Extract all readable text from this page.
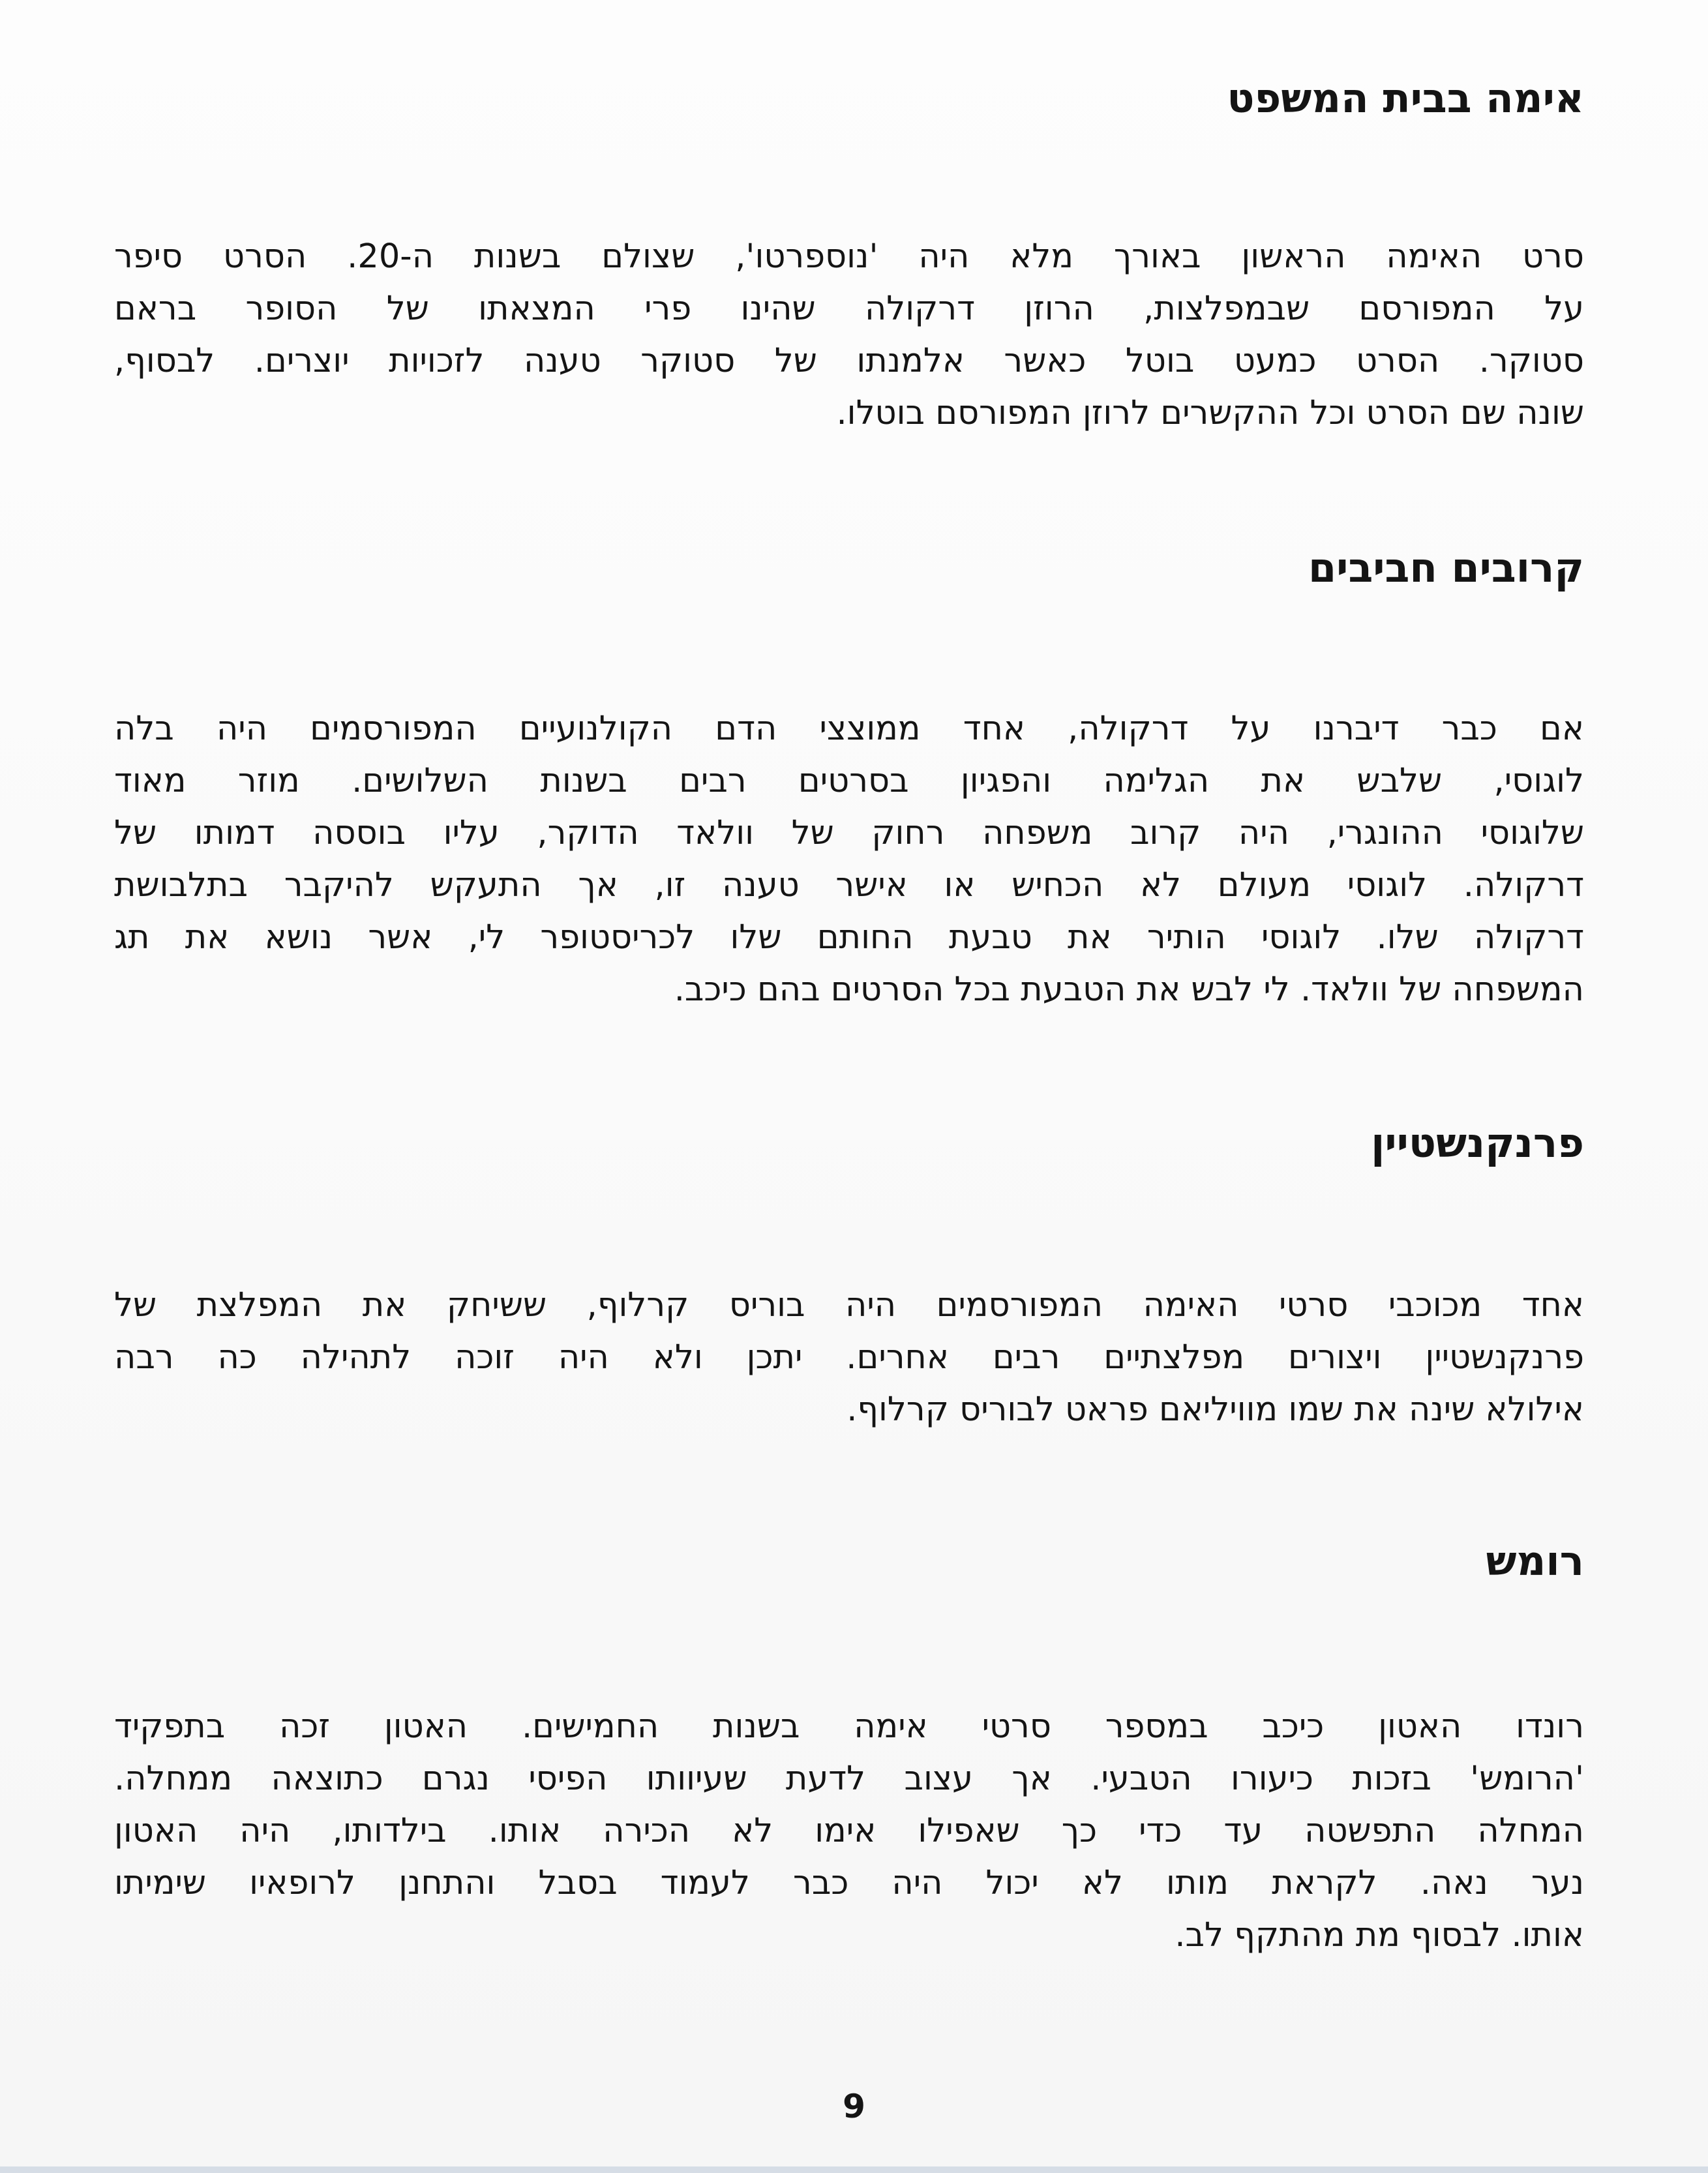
אימה בבית המשפט
סרט האימה הראשון באורך מלא היה 'נוספרטו', שצולם בשנות ה-20. הסרט סיפר
על המפורסם שבמפלצות, הרוזן דרקולה שהינו פרי המצאתו של הסופר בראם
סטוקר. הסרט כמעט בוטל כאשר אלמנתו של סטוקר טענה לזכויות יוצרים. לבסוף,
שונה שם הסרט וכל ההקשרים לרוזן המפורסם בוטלו.
קרובים חביבים
אם כבר דיברנו על דרקולה, אחד ממוצצי הדם הקולנועיים המפורסמים היה בלה
לוגוסי, שלבש את הגלימה והפגיון בסרטים רבים בשנות השלושים. מוזר מאוד
שלוגוסי ההונגרי, היה קרוב משפחה רחוק של וולאד הדוקר, עליו בוססה דמותו של
דרקולה. לוגוסי מעולם לא הכחיש או אישר טענה זו, אך התעקש להיקבר בתלבושת
דרקולה שלו. לוגוסי הותיר את טבעת החותם שלו לכריסטופר לי, אשר נושא את תג
המשפחה של וולאד. לי לבש את הטבעת בכל הסרטים בהם כיכב.
פרנקנשטיין
אחד מכוכבי סרטי האימה המפורסמים היה בוריס קרלוף, ששיחק את המפלצת של
פרנקנשטיין ויצורים מפלצתיים רבים אחרים. יתכן ולא היה זוכה לתהילה כה רבה
אילולא שינה את שמו מוויליאם פראט לבוריס קרלוף.
רומש
רונדו האטון כיכב במספר סרטי אימה בשנות החמישים. האטון זכה בתפקיד
'הרומש' בזכות כיעורו הטבעי. אך עצוב לדעת שעיוותו הפיסי נגרם כתוצאה ממחלה.
המחלה התפשטה עד כדי כך שאפילו אימו לא הכירה אותו. בילדותו, היה האטון
נער נאה. לקראת מותו לא יכול היה כבר לעמוד בסבל והתחנן לרופאיו שימיתו
אותו. לבסוף מת מהתקף לב.

9
